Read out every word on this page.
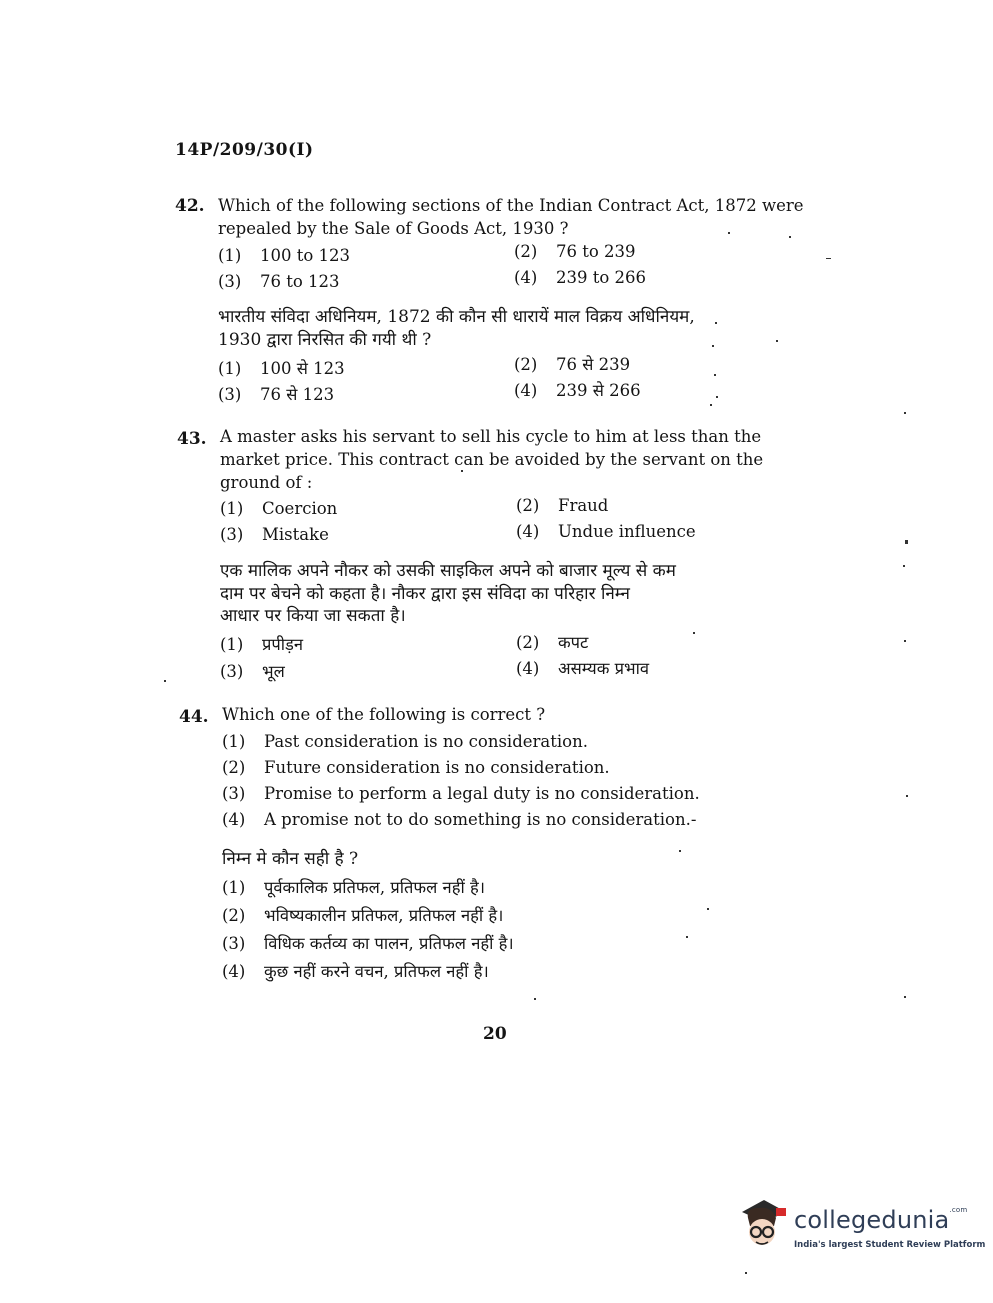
14P/209/30(I)
42. Which of the following sections of the Indian Contract Act, 1872 were
repealed by the Sale of Goods Act, 1930 ?
(1) 100 to 123	(2) 76 to 239
(3) 76 to 123	(4) 239 to 266
भारतीय संविदा अधिनियम, 1872 की कौन सी धारायें माल विक्रय अधिनियम,
1930 द्वारा निरसित की गयी थी ?
(1) 100 से 123	(2) 76 से 239
(3) 76 से 123	(4) 239 से 266
43. A master asks his servant to sell his cycle to him at less than the
market price. This contract can be avoided by the servant on the
ground of :
(1) Coercion	(2) Fraud
(3) Mistake	(4) Undue influence
एक मालिक अपने नौकर को उसकी साइकिल अपने को बाजार मूल्य से कम
दाम पर बेचने को कहता है। नौकर द्वारा इस संविदा का परिहार निम्न
आधार पर किया जा सकता है।
(1) प्रपीड़न	(2) कपट
(3) भूल	(4) असम्यक प्रभाव
44. Which one of the following is correct ?
(1) Past consideration is no consideration.
(2) Future consideration is no consideration.
(3) Promise to perform a legal duty is no consideration.
(4) A promise not to do something is no consideration.-
निम्न मे कौन सही है ?
(1) पूर्वकालिक प्रतिफल, प्रतिफल नहीं है।
(2) भविष्यकालीन प्रतिफल, प्रतिफल नहीं है।
(3) विधिक कर्तव्य का पालन, प्रतिफल नहीं है।
(4) कुछ नहीं करने वचन, प्रतिफल नहीं है।
20
collegedunia$^{.com}$
India's largest Student Review Platform
